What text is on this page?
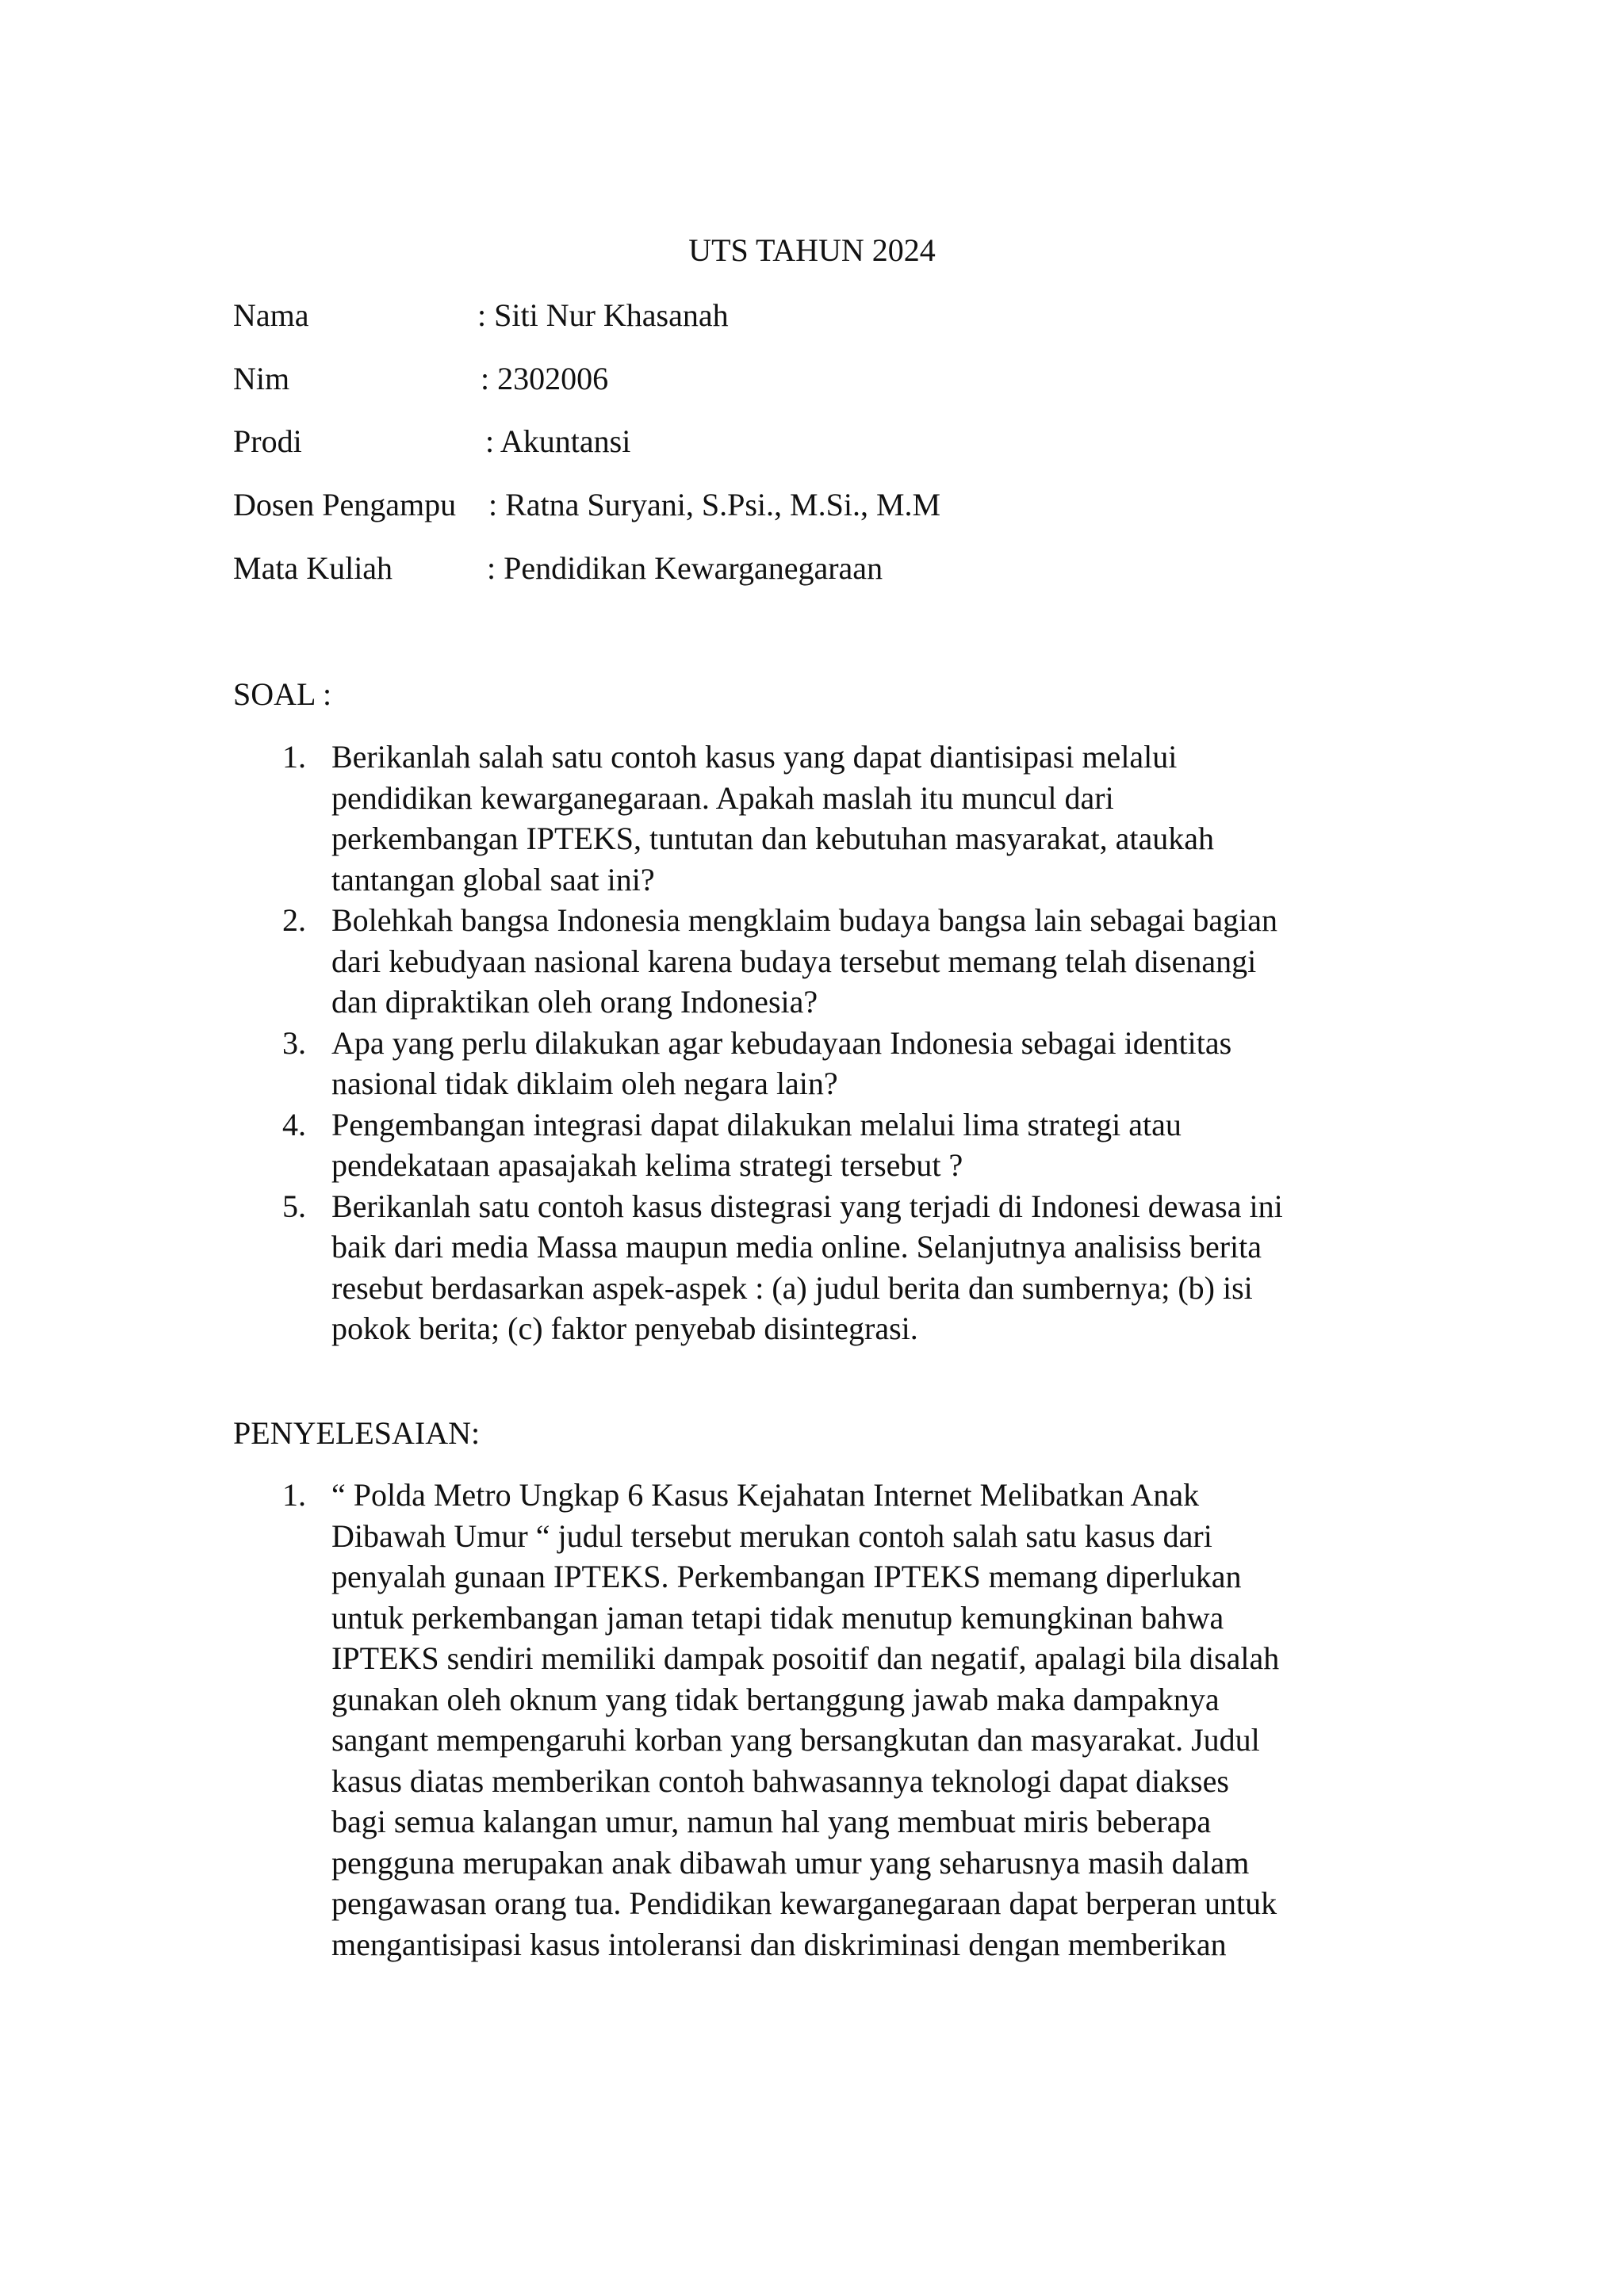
UTS TAHUN 2024
Nama	: Siti Nur Khasanah
Nim	: 2302006
Prodi	: Akuntansi
Dosen Pengampu : Ratna Suryani, S.Psi., M.Si., M.M
Mata Kuliah	: Pendidikan Kewarganegaraan
SOAL :
1. Berikanlah salah satu contoh kasus yang dapat diantisipasi melalui
pendidikan kewarganegaraan. Apakah maslah itu muncul dari
perkembangan IPTEKS, tuntutan dan kebutuhan masyarakat, ataukah
tantangan global saat ini?
2. Bolehkah bangsa Indonesia mengklaim budaya bangsa lain sebagai bagian
dari kebudyaan nasional karena budaya tersebut memang telah disenangi
dan dipraktikan oleh orang Indonesia?
3. Apa yang perlu dilakukan agar kebudayaan Indonesia sebagai identitas
nasional tidak diklaim oleh negara lain?
4. Pengembangan integrasi dapat dilakukan melalui lima strategi atau
pendekataan apasajakah kelima strategi tersebut ?
5. Berikanlah satu contoh kasus distegrasi yang terjadi di Indonesi dewasa ini
baik dari media Massa maupun media online. Selanjutnya analisiss berita
resebut berdasarkan aspek-aspek : (a) judul berita dan sumbernya; (b) isi
pokok berita; (c) faktor penyebab disintegrasi.
PENYELESAIAN:
1. “ Polda Metro Ungkap 6 Kasus Kejahatan Internet Melibatkan Anak
Dibawah Umur “ judul tersebut merukan contoh salah satu kasus dari
penyalah gunaan IPTEKS. Perkembangan IPTEKS memang diperlukan
untuk perkembangan jaman tetapi tidak menutup kemungkinan bahwa
IPTEKS sendiri memiliki dampak posoitif dan negatif, apalagi bila disalah
gunakan oleh oknum yang tidak bertanggung jawab maka dampaknya
sangant mempengaruhi korban yang bersangkutan dan masyarakat. Judul
kasus diatas memberikan contoh bahwasannya teknologi dapat diakses
bagi semua kalangan umur, namun hal yang membuat miris beberapa
pengguna merupakan anak dibawah umur yang seharusnya masih dalam
pengawasan orang tua. Pendidikan kewarganegaraan dapat berperan untuk
mengantisipasi kasus intoleransi dan diskriminasi dengan memberikan
